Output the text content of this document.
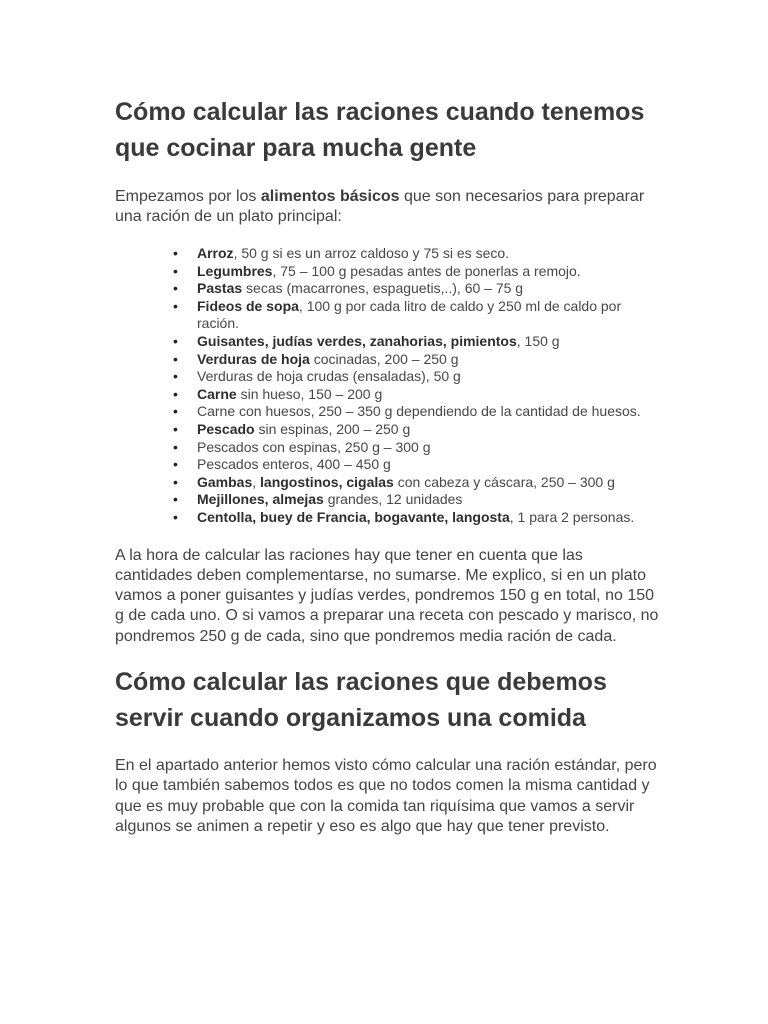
Cómo calcular las raciones cuando tenemos que cocinar para mucha gente

Empezamos por los alimentos básicos que son necesarios para preparar una ración de un plato principal:

• Arroz, 50 g si es un arroz caldoso y 75 si es seco.
• Legumbres, 75 – 100 g pesadas antes de ponerlas a remojo.
• Pastas secas (macarrones, espaguetis,..), 60 – 75 g
• Fideos de sopa, 100 g por cada litro de caldo y 250 ml de caldo por ración.
• Guisantes, judías verdes, zanahorias, pimientos, 150 g
• Verduras de hoja cocinadas, 200 – 250 g
• Verduras de hoja crudas (ensaladas), 50 g
• Carne sin hueso, 150 – 200 g
• Carne con huesos, 250 – 350 g dependiendo de la cantidad de huesos.
• Pescado sin espinas, 200 – 250 g
• Pescados con espinas, 250 g – 300 g
• Pescados enteros, 400 – 450 g
• Gambas, langostinos, cigalas con cabeza y cáscara, 250 – 300 g
• Mejillones, almejas grandes, 12 unidades
• Centolla, buey de Francia, bogavante, langosta, 1 para 2 personas.

A la hora de calcular las raciones hay que tener en cuenta que las cantidades deben complementarse, no sumarse. Me explico, si en un plato vamos a poner guisantes y judías verdes, pondremos 150 g en total, no 150 g de cada uno. O si vamos a preparar una receta con pescado y marisco, no pondremos 250 g de cada, sino que pondremos media ración de cada.

Cómo calcular las raciones que debemos servir cuando organizamos una comida

En el apartado anterior hemos visto cómo calcular una ración estándar, pero lo que también sabemos todos es que no todos comen la misma cantidad y que es muy probable que con la comida tan riquísima que vamos a servir algunos se animen a repetir y eso es algo que hay que tener previsto.
